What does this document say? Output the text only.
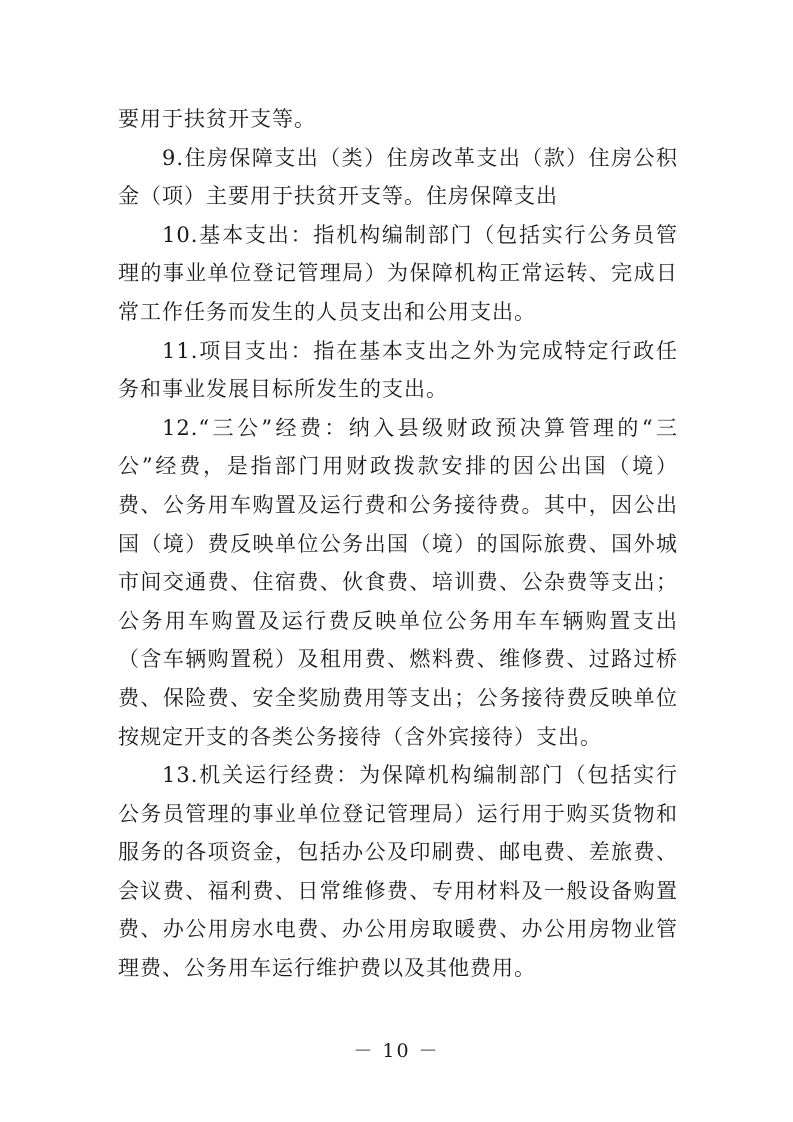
要用于扶贫开支等。

9.住房保障支出（类）住房改革支出（款）住房公积金（项）主要用于扶贫开支等。住房保障支出

10.基本支出：指机构编制部门（包括实行公务员管理的事业单位登记管理局）为保障机构正常运转、完成日常工作任务而发生的人员支出和公用支出。

11.项目支出：指在基本支出之外为完成特定行政任务和事业发展目标所发生的支出。

12.“三公”经费：纳入县级财政预决算管理的“三公”经费，是指部门用财政拨款安排的因公出国（境）费、公务用车购置及运行费和公务接待费。其中，因公出国（境）费反映单位公务出国（境）的国际旅费、国外城市间交通费、住宿费、伙食费、培训费、公杂费等支出；公务用车购置及运行费反映单位公务用车车辆购置支出（含车辆购置税）及租用费、燃料费、维修费、过路过桥费、保险费、安全奖励费用等支出；公务接待费反映单位按规定开支的各类公务接待（含外宾接待）支出。

13.机关运行经费：为保障机构编制部门（包括实行公务员管理的事业单位登记管理局）运行用于购买货物和服务的各项资金，包括办公及印刷费、邮电费、差旅费、会议费、福利费、日常维修费、专用材料及一般设备购置费、办公用房水电费、办公用房取暖费、办公用房物业管理费、公务用车运行维护费以及其他费用。

－ 10 －
